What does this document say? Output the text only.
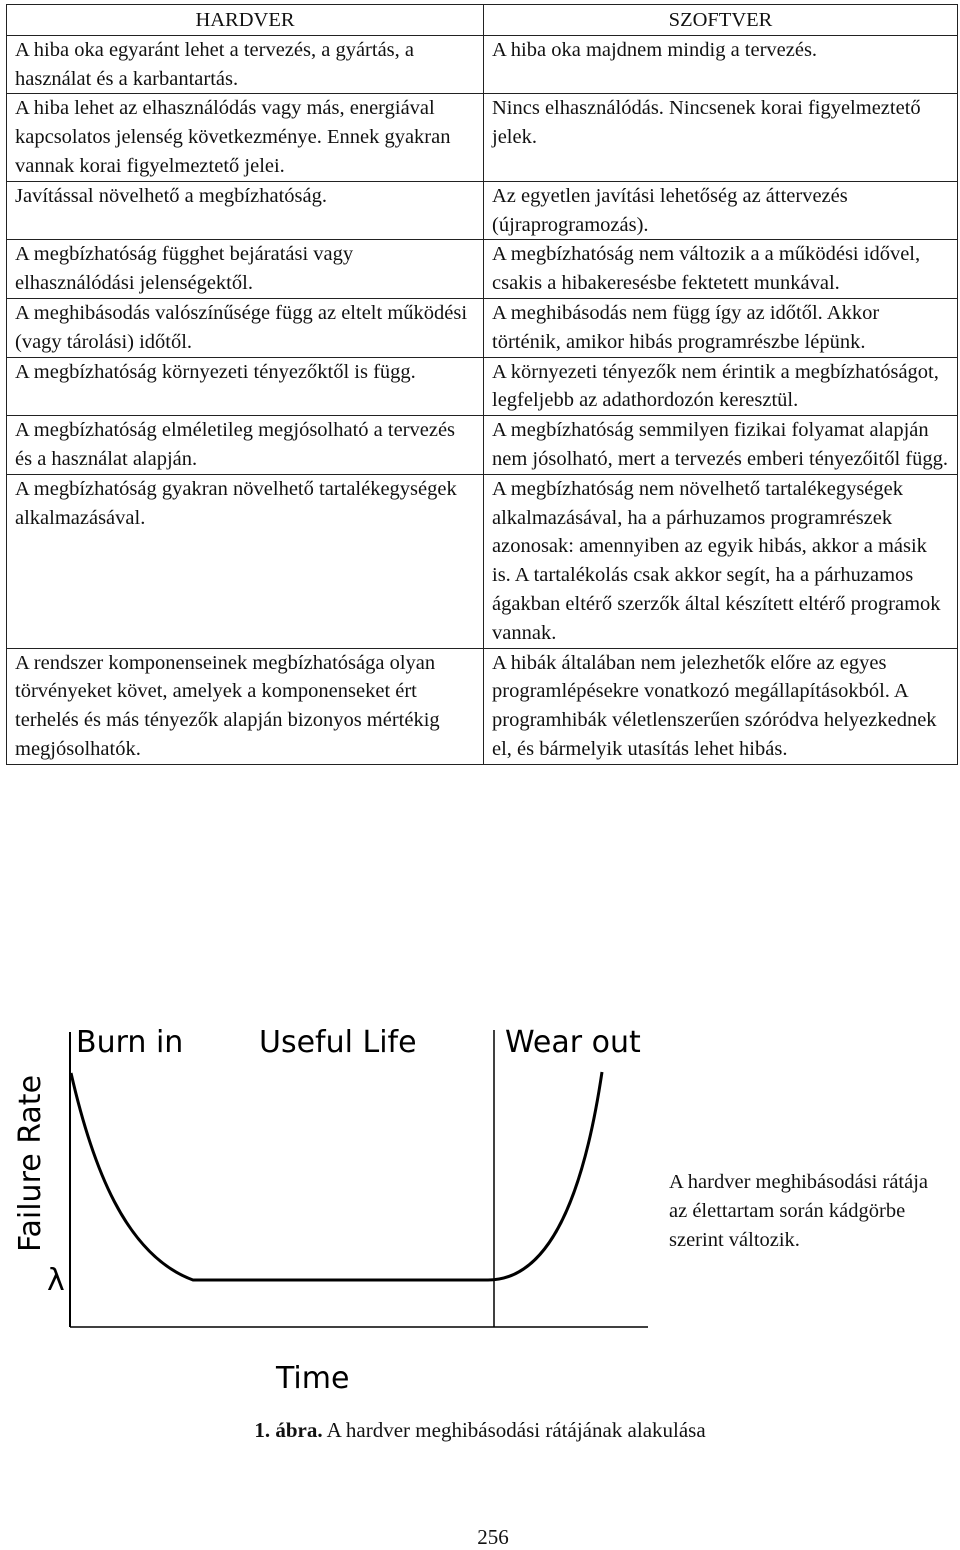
HARDVER	SZOFTVER
A hiba oka egyaránt lehet a tervezés, a gyártás, a használat és a karbantartás.	A hiba oka majdnem mindig a tervezés.
A hiba lehet az elhasználódás vagy más, energiával kapcsolatos jelenség következménye. Ennek gyakran vannak korai figyelmeztető jelei.	Nincs elhasználódás. Nincsenek korai figyelmeztető jelek.
Javítással növelhető a megbízhatóság.	Az egyetlen javítási lehetőség az áttervezés (újraprogramozás).
A megbízhatóság függhet bejáratási vagy elhasználódási jelenségektől.	A megbízhatóság nem változik a a működési idővel, csakis a hibakeresésbe fektetett munkával.
A meghibásodás valószínűsége függ az eltelt működési (vagy tárolási) időtől.	A meghibásodás nem függ így az időtől. Akkor történik, amikor hibás programrészbe lépünk.
A megbízhatóság környezeti tényezőktől is függ.	A környezeti tényezők nem érintik a megbízhatóságot, legfeljebb az adathordozón keresztül.
A megbízhatóság elméletileg megjósolható a tervezés és a használat alapján.	A megbízhatóság semmilyen fizikai folyamat alapján nem jósolható, mert a tervezés emberi tényezőitől függ.
A megbízhatóság gyakran növelhető tartalékegységek alkalmazásával.	A megbízhatóság nem növelhető tartalékegységek alkalmazásával, ha a párhuzamos programrészek azonosak: amennyiben az egyik hibás, akkor a másik is. A tartalékolás csak akkor segít, ha a párhuzamos ágakban eltérő szerzők által készített eltérő programok vannak.
A rendszer komponenseinek megbízhatósága olyan törvényeket követ, amelyek a komponenseket ért terhelés és más tényezők alapján bizonyos mértékig megjósolhatók.	A hibák általában nem jelezhetők előre az egyes programlépésekre vonatkozó megállapításokból. A programhibák véletlenszerűen szóródva helyezkednek el, és bármelyik utasítás lehet hibás.
Burn in	Useful Life	Wear out
Failure Rate
λ
Time
A hardver meghibásodási rátája az élettartam során kádgörbe szerint változik.
1. ábra. A hardver meghibásodási rátájának alakulása
256
